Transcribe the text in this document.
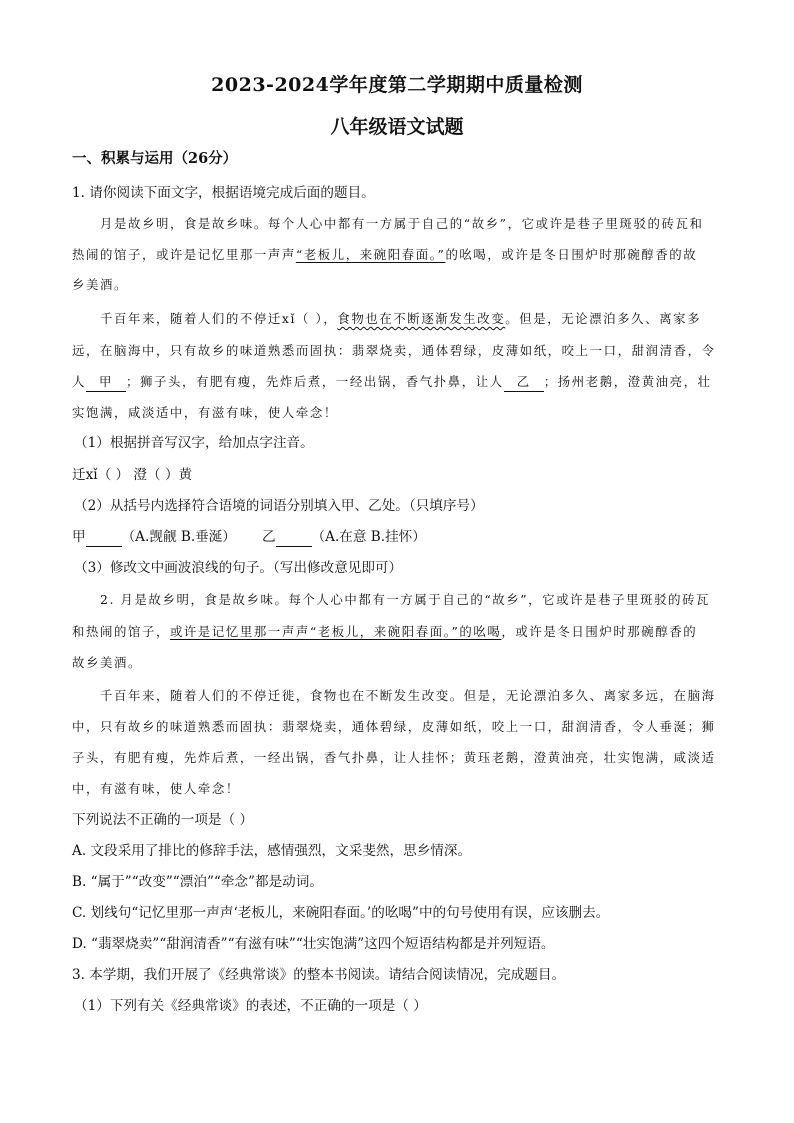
2023-2024学年度第二学期期中质量检测
八年级语文试题
一、积累与运用（26分）
1. 请你阅读下面文字，根据语境完成后面的题目。
月是故乡明，食是故乡味。每个人心中都有一方属于自己的“故乡”，它或许是巷子里斑驳的砖瓦和
热闹的馆子，或许是记忆里那一声声“老板儿，来碗阳春面。”的吆喝，或许是冬日围炉时那碗醇香的故
乡美酒。
千百年来，随着人们的不停迁xǐ（ ），食物也在不断逐渐发生改变。但是，无论漂泊多久、离家多
远，在脑海中，只有故乡的味道熟悉而固执：翡翠烧卖，通体碧绿，皮薄如纸，咬上一口，甜润清香，令
人 甲 ；狮子头，有肥有瘦，先炸后煮，一经出锅，香气扑鼻，让人 乙 ；扬州老鹅，澄黄油亮，壮
实饱满，咸淡适中，有滋有味，使人牵念！
（1）根据拼音写汉字，给加点字注音。
迁xǐ（ ） 澄（ ）黄
（2）从括号内选择符合语境的词语分别填入甲、乙处。（只填序号）
甲	（A.觊觎 B.垂涎） 乙	（A.在意 B.挂怀）
（3）修改文中画波浪线的句子。（写出修改意见即可）
2. 月是故乡明，食是故乡味。每个人心中都有一方属于自己的“故乡”，它或许是巷子里斑驳的砖瓦
和热闹的馆子，或许是记忆里那一声声“老板儿，来碗阳春面。”的吆喝，或许是冬日围炉时那碗醇香的
故乡美酒。
千百年来，随着人们的不停迁徙，食物也在不断发生改变。但是，无论漂泊多久、离家多远，在脑海
中，只有故乡的味道熟悉而固执：翡翠烧卖，通体碧绿，皮薄如纸，咬上一口，甜润清香，令人垂涎；狮
子头，有肥有瘦，先炸后煮，一经出锅，香气扑鼻，让人挂怀；黄珏老鹅，澄黄油亮，壮实饱满，咸淡适
中，有滋有味，使人牵念！
下列说法不正确的一项是（ ）
A. 文段采用了排比的修辞手法，感情强烈，文采斐然，思乡情深。
B. “属于”“改变”“漂泊”“牵念”都是动词。
C. 划线句“记忆里那一声声‘老板儿，来碗阳春面。’的吆喝”中的句号使用有误，应该删去。
D. “翡翠烧卖”“甜润清香”“有滋有味”“壮实饱满”这四个短语结构都是并列短语。
3. 本学期，我们开展了《经典常谈》的整本书阅读。请结合阅读情况，完成题目。
（1）下列有关《经典常谈》的表述，不正确的一项是（ ）
